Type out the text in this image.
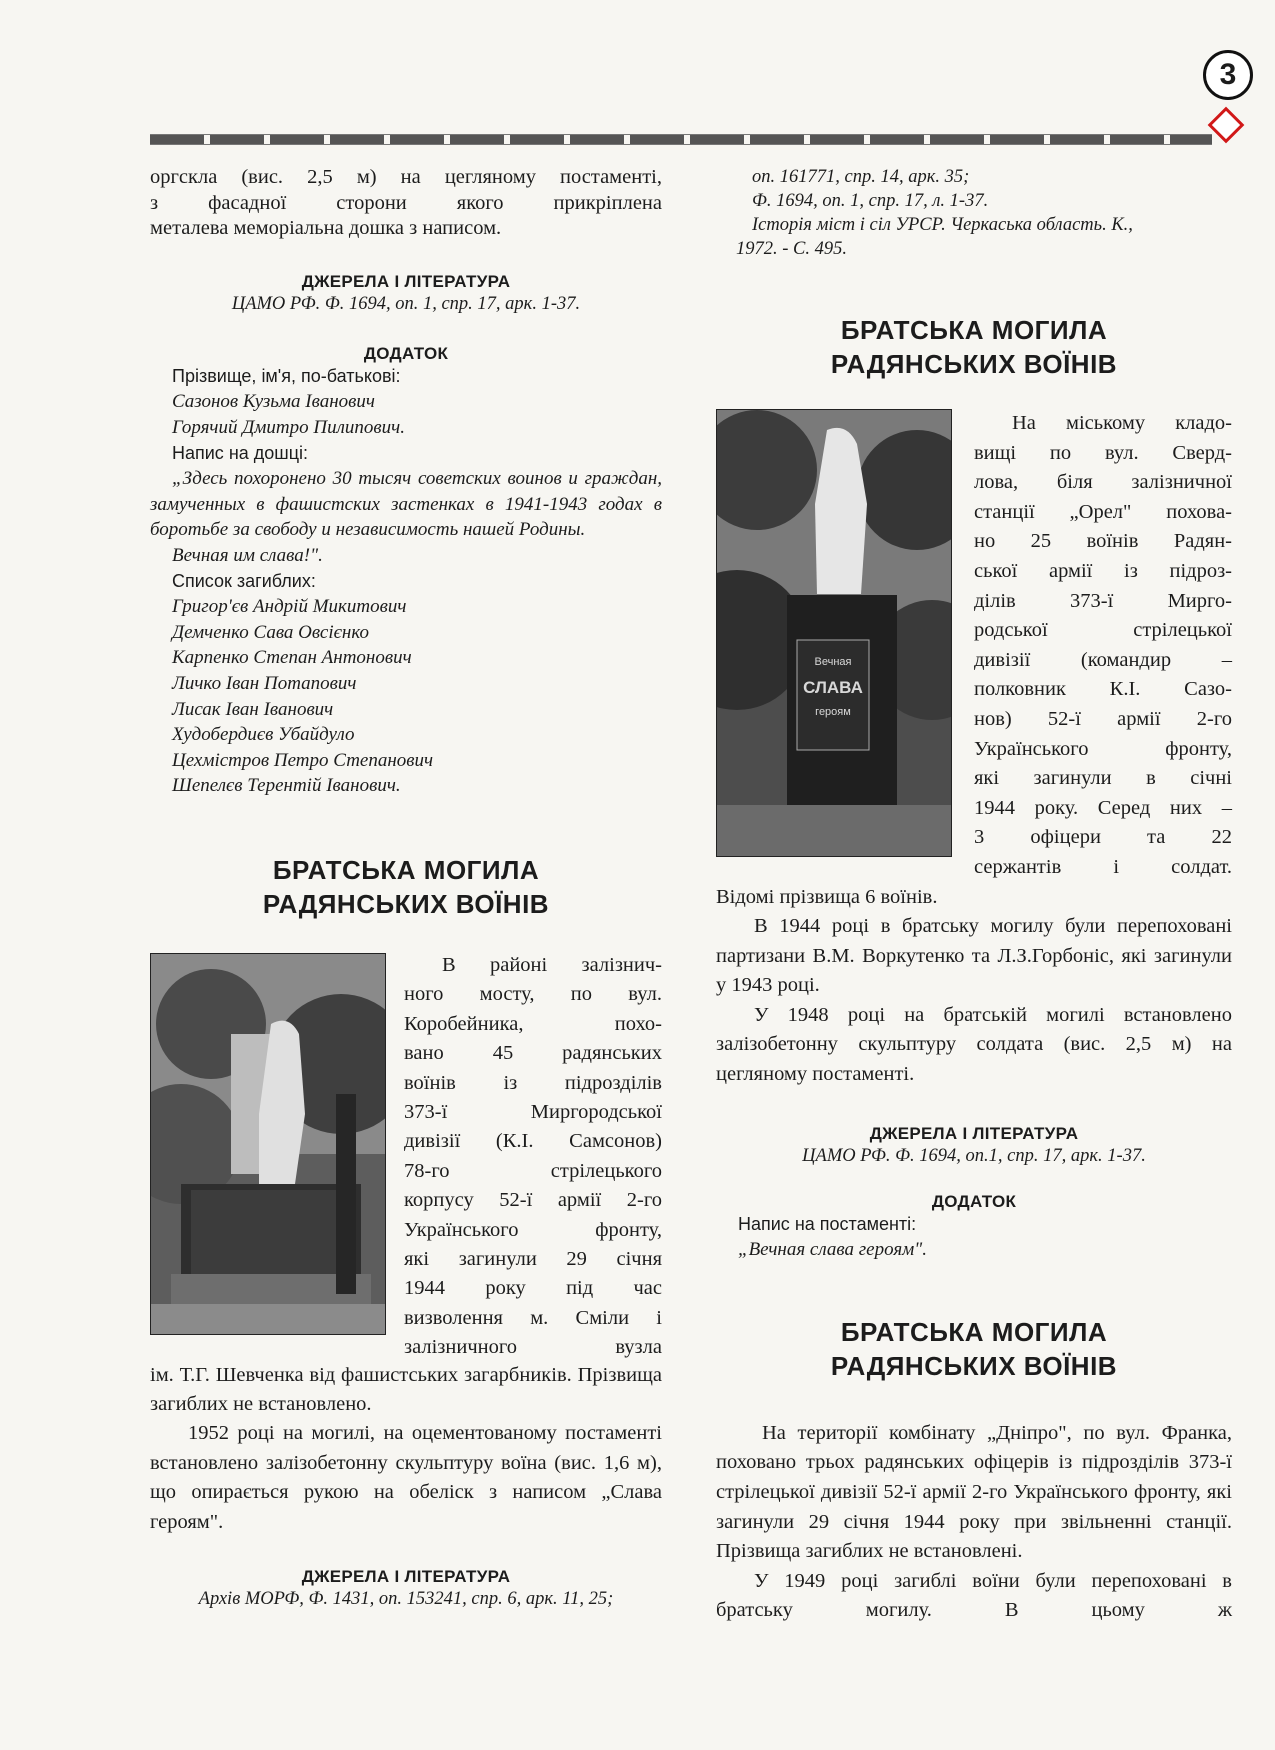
3

оргскла (вис. 2,5 м) на цегляному постаменті,

з фасадної сторони якого прикріплена

металева меморіальна дошка з написом.

ДЖЕРЕЛА І ЛІТЕРАТУРА

ЦАМО РФ. Ф. 1694, оп. 1, спр. 17, арк. 1-37.

ДОДАТОК

Прізвище, ім'я, по-батькові:

Сазонов Кузьма Іванович

Горячий Дмитро Пилипович.

Напис на дошці:

„Здесь похоронено 30 тысяч советских воинов и граждан, замученных в фашистских застенках в 1941-1943 годах в боротьбе за свободу и независимость нашей Родины.

Вечная им слава!".

Список загиблих:

Григор'єв Андрій Микитович

Демченко Сава Овсієнко

Карпенко Степан Антонович

Личко Іван Потапович

Лисак Іван Іванович

Худобердиєв Убайдуло

Цехмістров Петро Степанович

Шепелєв Терентій Іванович.

БРАТСЬКА МОГИЛА
РАДЯНСЬКИХ ВОЇНІВ

В районі залізнич-

ного мосту, по вул.

Коробейника, похо-

вано 45 радянських

воїнів із підрозділів

373-ї Миргородської

дивізії (К.І. Самсонов)

78-го стрілецького

корпусу 52-ї армії 2-го

Українського фронту,

які загинули 29 січня

1944 року під час

визволення м. Сміли і

залізничного вузла

ім. Т.Г. Шевченка від фашистських загарбників. Прізвища загиблих не встановлено.

1952 році на могилі, на оцементованому постаменті встановлено залізобетонну скульптуру воїна (вис. 1,6 м), що опирається рукою на обеліск з написом „Слава героям".

ДЖЕРЕЛА І ЛІТЕРАТУРА

Архів МОРФ, Ф. 1431, оп. 153241, спр. 6, арк. 11, 25;

оп. 161771, спр. 14, арк. 35;

Ф. 1694, оп. 1, спр. 17, л. 1-37.

Історія міст і сіл УРСР. Черкаська область. К.,

1972. - С. 495.

БРАТСЬКА МОГИЛА
РАДЯНСЬКИХ ВОЇНІВ
Вечная
СЛАВА
героям

На міському кладо-

вищі по вул. Сверд-

лова, біля залізничної

станції „Орел" похова-

но 25 воїнів Радян-

ської армії із підроз-

ділів 373-ї Мирго-

родської стрілецької

дивізії (командир –

полковник К.І. Сазо-

нов) 52-ї армії 2-го

Українського фронту,

які загинули в січні

1944 року. Серед них –

3 офіцери та 22

сержантів і солдат.

Відомі прізвища 6 воїнів.

В 1944 році в братську могилу були перепоховані партизани В.М. Воркутенко та Л.З.Горбоніс, які загинули у 1943 році.

У 1948 році на братській могилі встановлено залізобетонну скульптуру солдата (вис. 2,5 м) на цегляному постаменті.

ДЖЕРЕЛА І ЛІТЕРАТУРА

ЦАМО РФ. Ф. 1694, оп.1, спр. 17, арк. 1-37.

ДОДАТОК

Напис на постаменті:

„Вечная слава героям".

БРАТСЬКА МОГИЛА
РАДЯНСЬКИХ ВОЇНІВ

На території комбінату „Дніпро", по вул. Франка, поховано трьох радянських офіцерів із підрозділів 373-ї стрілецької дивізії 52-ї армії 2-го Українського фронту, які загинули 29 січня 1944 року при звільненні станції. Прізвища загиблих не встановлені.

У 1949 році загиблі воїни були перепоховані в братську могилу. В цьому ж
